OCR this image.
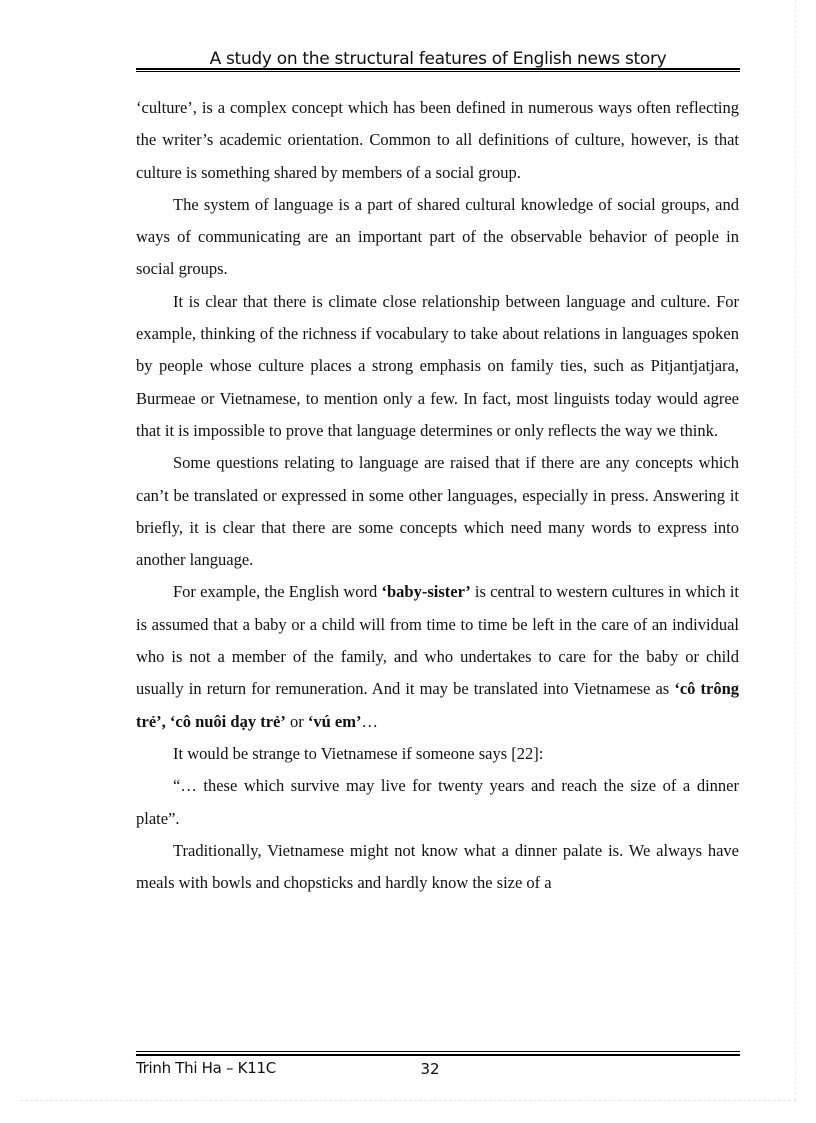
A study on the structural features of English news story

‘culture’, is a complex concept which has been defined in numerous ways often reflecting the writer’s academic orientation. Common to all definitions of culture, however, is that culture is something shared by members of a social group.

The system of language is a part of shared cultural knowledge of social groups, and ways of communicating are an important part of the observable behavior of people in social groups.

It is clear that there is climate close relationship between language and culture. For example, thinking of the richness if vocabulary to take about relations in languages spoken by people whose culture places a strong emphasis on family ties, such as Pitjantjatjara, Burmeae or Vietnamese, to mention only a few. In fact, most linguists today would agree that it is impossible to prove that language determines or only reflects the way we think.

Some questions relating to language are raised that if there are any concepts which can’t be translated or expressed in some other languages, especially in press. Answering it briefly, it is clear that there are some concepts which need many words to express into another language.

For example, the English word ‘baby-sister’ is central to western cultures in which it is assumed that a baby or a child will from time to time be left in the care of an individual who is not a member of the family, and who undertakes to care for the baby or child usually in return for remuneration. And it may be translated into Vietnamese as ‘cô trông trẻ’, ‘cô nuôi dạy trẻ’ or ‘vú em’…

It would be strange to Vietnamese if someone says [22]:

“… these which survive may live for twenty years and reach the size of a dinner plate”.

Traditionally, Vietnamese might not know what a dinner palate is. We always have meals with bowls and chopsticks and hardly know the size of a

Trinh Thi Ha – K11C	32
